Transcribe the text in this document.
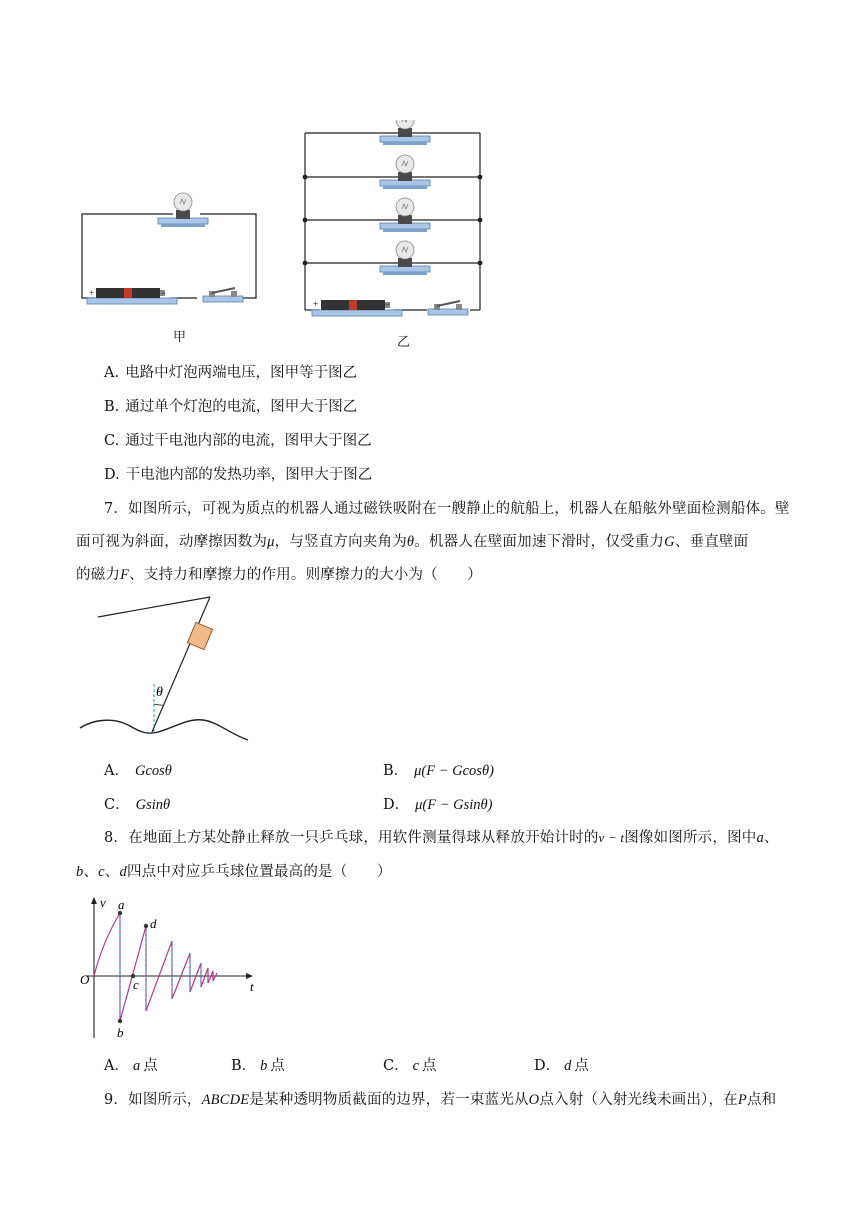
+	−
+	−
甲	乙
A. 电路中灯泡两端电压，图甲等于图乙
B. 通过单个灯泡的电流，图甲大于图乙
C. 通过干电池内部的电流，图甲大于图乙
D. 干电池内部的发热功率，图甲大于图乙
7．如图所示，可视为质点的机器人通过磁铁吸附在一艘静止的航船上，机器人在船舷外壁面检测船体。壁
面可视为斜面，动摩擦因数为μ，与竖直方向夹角为θ。机器人在壁面加速下滑时，仅受重力G、垂直壁面
的磁力F、支持力和摩擦力的作用。则摩擦力的大小为（　　）
θ
A． Gcosθ	B． μ(F − Gcosθ)
C． Gsinθ	D． μ(F − Gsinθ)
8．在地面上方某处静止释放一只乒乓球，用软件测量得球从释放开始计时的v − t图像如图所示，图中a、
b、c、d四点中对应乒乓球位置最高的是（　　）
v
t
O
a
b
c
d
A． a 点	B． b 点	C． c 点	D． d 点
9．如图所示，ABCDE是某种透明物质截面的边界，若一束蓝光从O点入射（入射光线未画出），在P点和
